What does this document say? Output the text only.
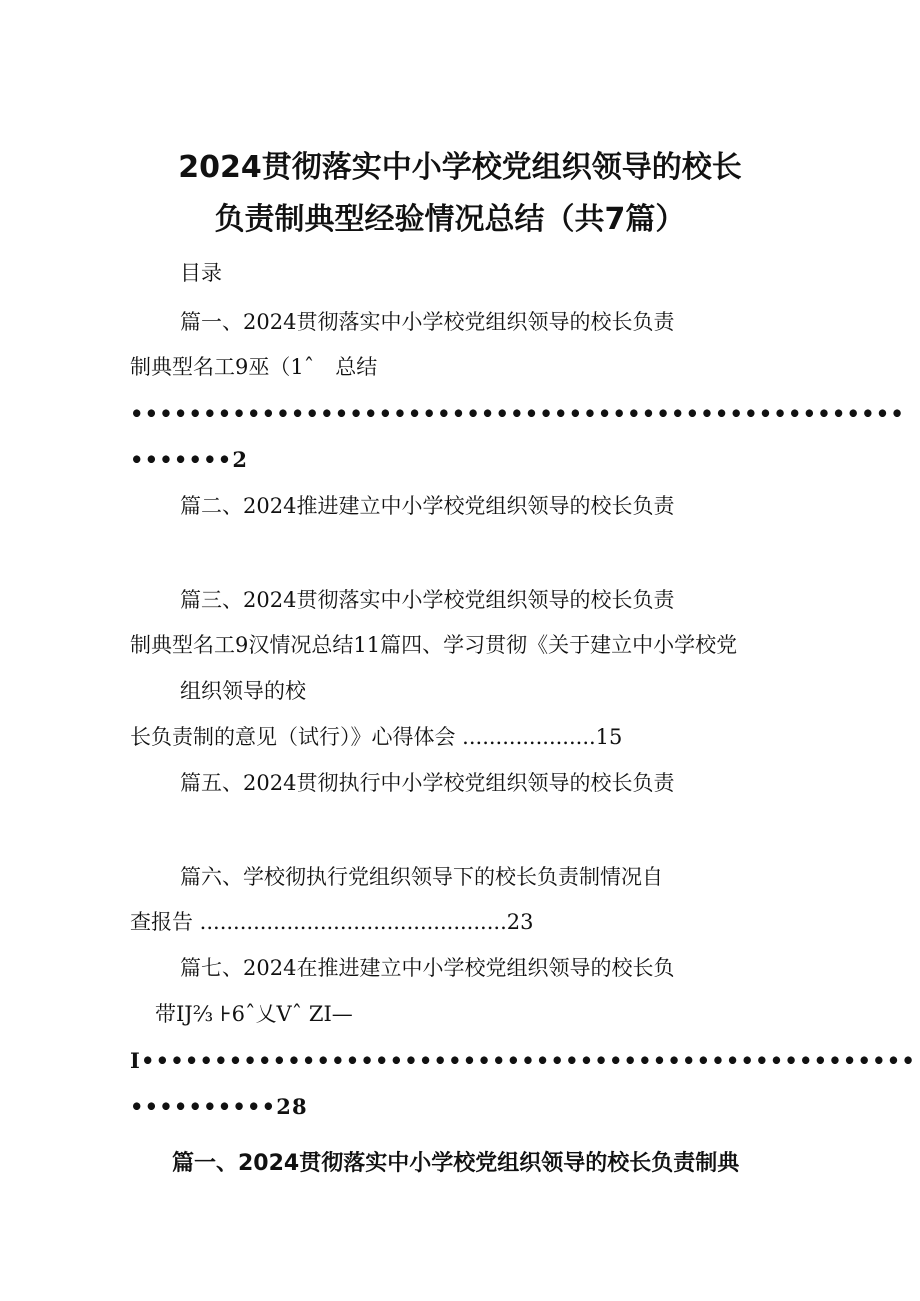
2024贯彻落实中小学校党组织领导的校长
负责制典型经验情况总结（共7篇）
目录
篇一、2024贯彻落实中小学校党组织领导的校长负责
制典型名工9巫（1ˆ　总结
•••••••••••••••••••••••••••••••••••••••••••••••••••••
•••••••2
篇二、2024推进建立中小学校党组织领导的校长负责
篇三、2024贯彻落实中小学校党组织领导的校长负责
制典型名工9汉情况总结11篇四、学习贯彻《关于建立中小学校党
组织领导的校
长负责制的意见（试行）》心得体会 ....................15
篇五、2024贯彻执行中小学校党组织领导的校长负责
篇六、学校彻执行党组织领导下的校长负责制情况自
查报告 ..............................................23
篇七、2024在推进建立中小学校党组织领导的校长负
带IJ⅔ ⊦6ˆ乂Vˆ ZI—
I•••••••••••••••••••••••••••••••••••••••••••••••••••••
••••••••••28
篇一、2024贯彻落实中小学校党组织领导的校长负责制典
